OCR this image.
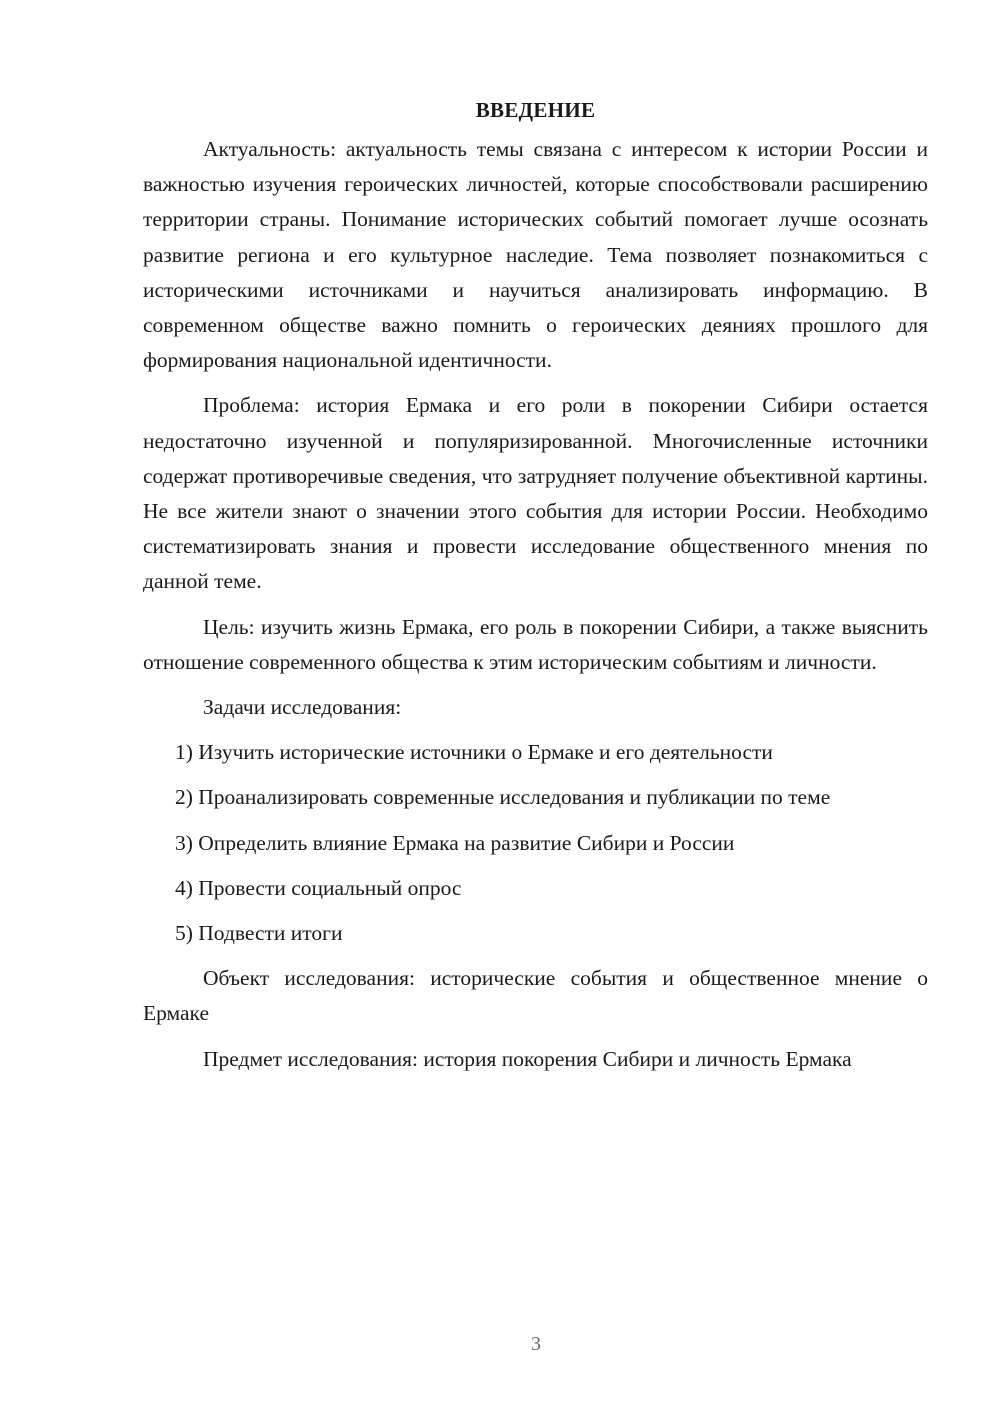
ВВЕДЕНИЕ

Актуальность: актуальность темы связана с интересом к истории России и важностью изучения героических личностей, которые способствовали расширению территории страны. Понимание исторических событий помогает лучше осознать развитие региона и его культурное наследие. Тема позволяет познакомиться с историческими источниками и научиться анализировать информацию. В современном обществе важно помнить о героических деяниях прошлого для формирования национальной идентичности.

Проблема: история Ермака и его роли в покорении Сибири остается недостаточно изученной и популяризированной. Многочисленные источники содержат противоречивые сведения, что затрудняет получение объективной картины. Не все жители знают о значении этого события для истории России. Необходимо систематизировать знания и провести исследование общественного мнения по данной теме.

Цель: изучить жизнь Ермака, его роль в покорении Сибири, а также выяснить отношение современного общества к этим историческим событиям и личности.

Задачи исследования:

1) Изучить исторические источники о Ермаке и его деятельности
2) Проанализировать современные исследования и публикации по теме
3) Определить влияние Ермака на развитие Сибири и России
4) Провести социальный опрос
5) Подвести итоги

Объект исследования: исторические события и общественное мнение о Ермаке

Предмет исследования: история покорения Сибири и личность Ермака

3
